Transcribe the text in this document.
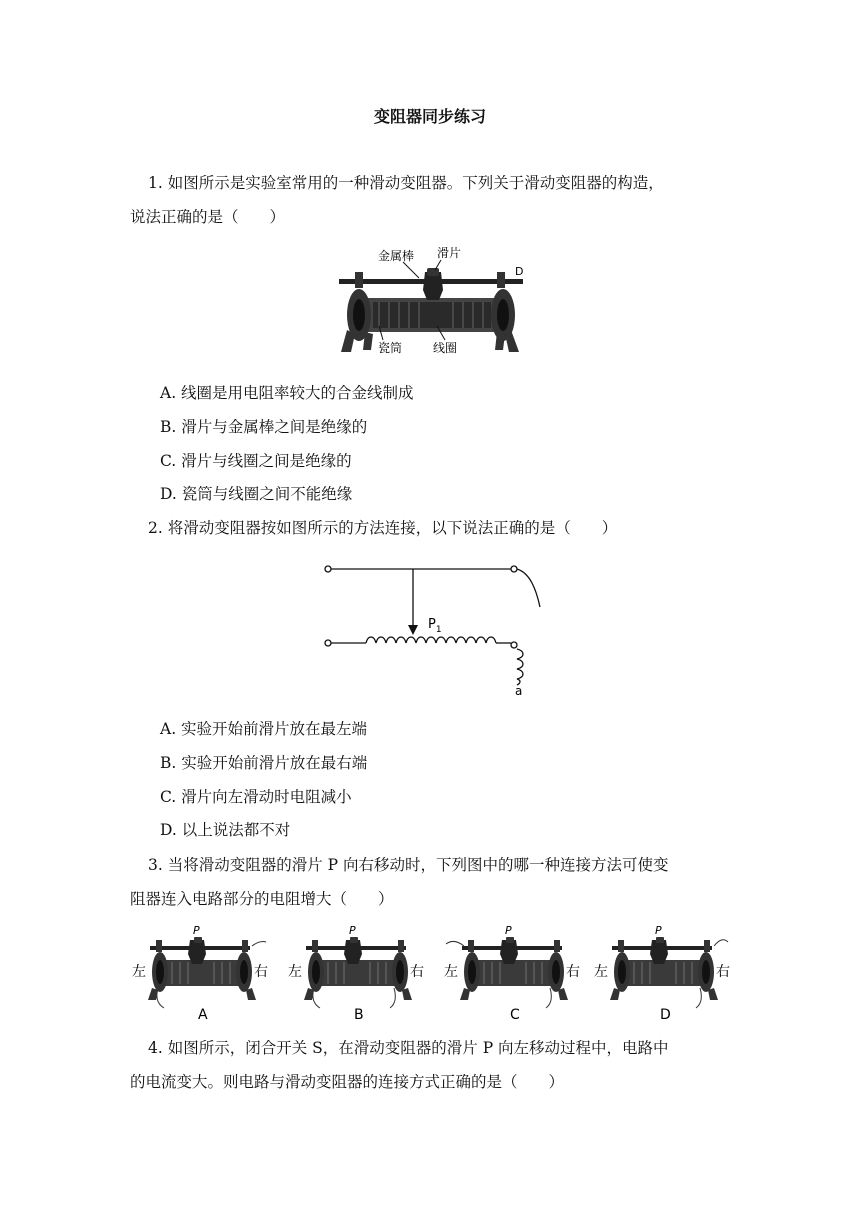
变阻器同步练习
1. 如图所示是实验室常用的一种滑动变阻器。下列关于滑动变阻器的构造，
说法正确的是（　　）
金属棒 滑片
D
瓷筒	线圈
A. 线圈是用电阻率较大的合金线制成
B. 滑片与金属棒之间是绝缘的
C. 滑片与线圈之间是绝缘的
D. 瓷筒与线圈之间不能绝缘
2. 将滑动变阻器按如图所示的方法连接，以下说法正确的是（　　）
$P_1$
a
A. 实验开始前滑片放在最左端
B. 实验开始前滑片放在最右端
C. 滑片向左滑动时电阻减小
D. 以上说法都不对
3. 当将滑动变阻器的滑片 P 向右移动时，下列图中的哪一种连接方法可使变
阻器连入电路部分的电阻增大（　　）
左	右
P
A
左	右
P
B
左	右
P
C
左	右
P
D
4. 如图所示，闭合开关 S，在滑动变阻器的滑片 P 向左移动过程中，电路中
的电流变大。则电路与滑动变阻器的连接方式正确的是（　　）
